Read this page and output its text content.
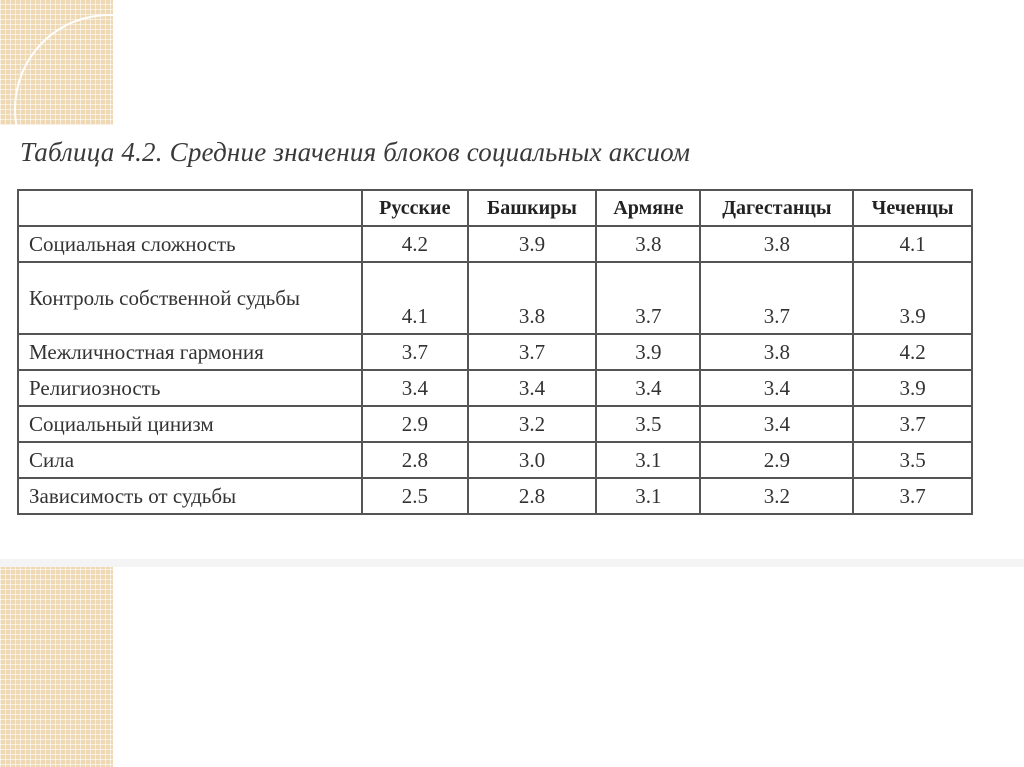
Таблица 4.2. Средние значения блоков социальных аксиом
	Русские	Башкиры	Армяне	Дагестанцы	Чеченцы
Социальная сложность	4.2	3.9	3.8	3.8	4.1
Контроль собственной судьбы	4.1	3.8	3.7	3.7	3.9
Межличностная гармония	3.7	3.7	3.9	3.8	4.2
Религиозность	3.4	3.4	3.4	3.4	3.9
Социальный цинизм	2.9	3.2	3.5	3.4	3.7
Сила	2.8	3.0	3.1	2.9	3.5
Зависимость от судьбы	2.5	2.8	3.1	3.2	3.7
